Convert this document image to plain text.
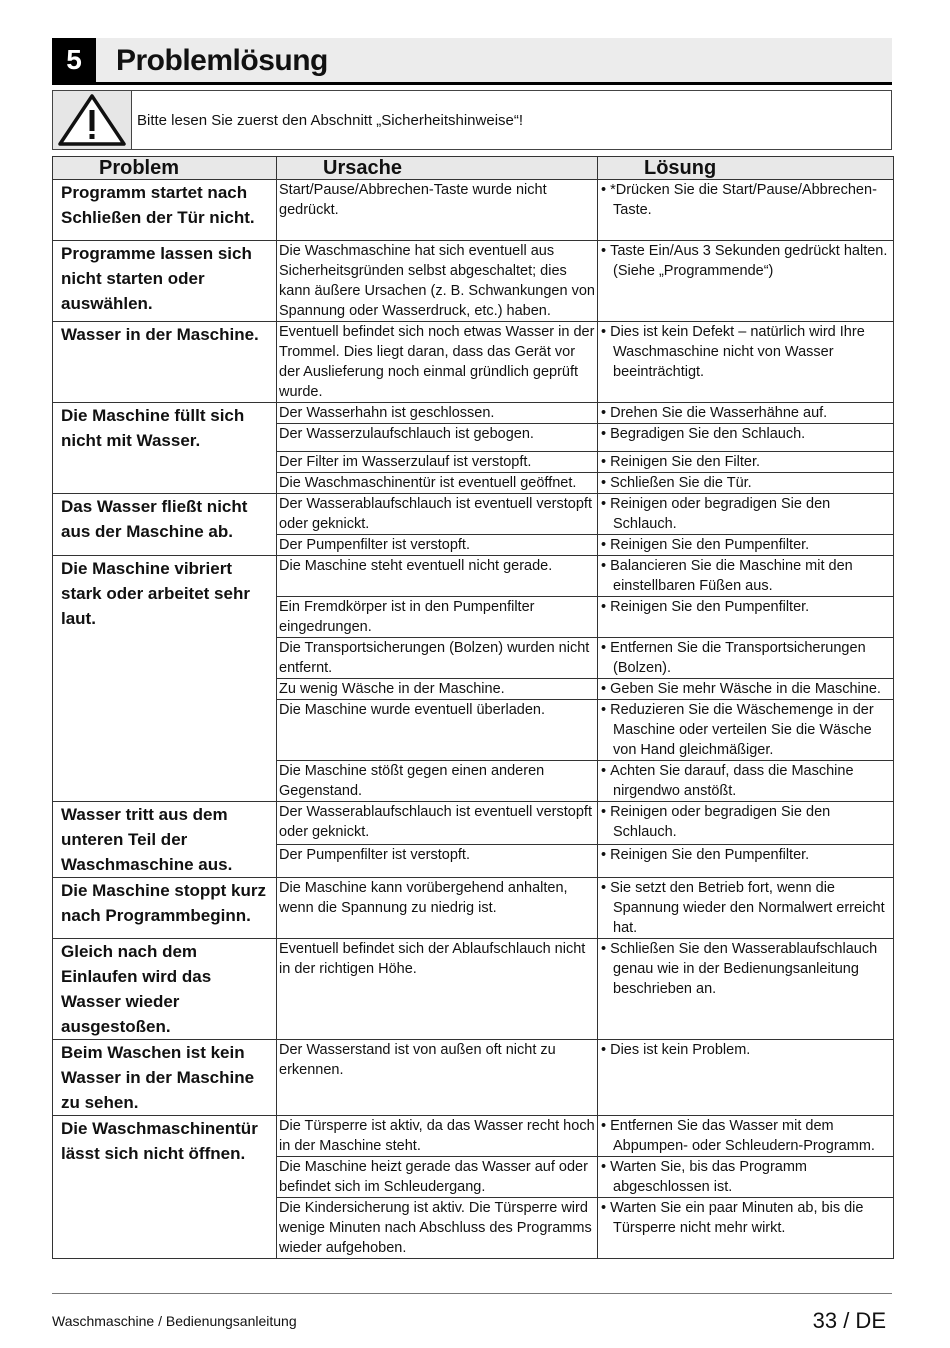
5	Problemlösung
Bitte lesen Sie zuerst den Abschnitt „Sicherheitshinweise“!
Problem	Ursache	Lösung
Programm startet nach Schließen der Tür nicht.	Start/Pause/Abbrechen-Taste wurde nicht gedrückt.	• *Drücken Sie die Start/Pause/Abbrechen-Taste.
Programme lassen sich nicht starten oder auswählen.	Die Waschmaschine hat sich eventuell aus Sicherheitsgründen selbst abgeschaltet; dies kann äußere Ursachen (z. B. Schwankungen von Spannung oder Wasserdruck, etc.) haben.	• Taste Ein/Aus 3 Sekunden gedrückt halten. (Siehe „Programmende“)
Wasser in der Maschine.	Eventuell befindet sich noch etwas Wasser in der Trommel. Dies liegt daran, dass das Gerät vor der Auslieferung noch einmal gründlich geprüft wurde.	• Dies ist kein Defekt – natürlich wird Ihre Waschmaschine nicht von Wasser beeinträchtigt.
Die Maschine füllt sich nicht mit Wasser.	Der Wasserhahn ist geschlossen.	• Drehen Sie die Wasserhähne auf.
	Der Wasserzulaufschlauch ist gebogen.	• Begradigen Sie den Schlauch.
	Der Filter im Wasserzulauf ist verstopft.	• Reinigen Sie den Filter.
	Die Waschmaschinentür ist eventuell geöffnet.	• Schließen Sie die Tür.
Das Wasser fließt nicht aus der Maschine ab.	Der Wasserablaufschlauch ist eventuell verstopft oder geknickt.	• Reinigen oder begradigen Sie den Schlauch.
	Der Pumpenfilter ist verstopft.	• Reinigen Sie den Pumpenfilter.
Die Maschine vibriert stark oder arbeitet sehr laut.	Die Maschine steht eventuell nicht gerade.	• Balancieren Sie die Maschine mit den einstellbaren Füßen aus.
	Ein Fremdkörper ist in den Pumpenfilter eingedrungen.	• Reinigen Sie den Pumpenfilter.
	Die Transportsicherungen (Bolzen) wurden nicht entfernt.	• Entfernen Sie die Transportsicherungen (Bolzen).
	Zu wenig Wäsche in der Maschine.	• Geben Sie mehr Wäsche in die Maschine.
	Die Maschine wurde eventuell überladen.	• Reduzieren Sie die Wäschemenge in der Maschine oder verteilen Sie die Wäsche von Hand gleichmäßiger.
	Die Maschine stößt gegen einen anderen Gegenstand.	• Achten Sie darauf, dass die Maschine nirgendwo anstößt.
Wasser tritt aus dem unteren Teil der Waschmaschine aus.	Der Wasserablaufschlauch ist eventuell verstopft oder geknickt.	• Reinigen oder begradigen Sie den Schlauch.
	Der Pumpenfilter ist verstopft.	• Reinigen Sie den Pumpenfilter.
Die Maschine stoppt kurz nach Programmbeginn.	Die Maschine kann vorübergehend anhalten, wenn die Spannung zu niedrig ist.	• Sie setzt den Betrieb fort, wenn die Spannung wieder den Normalwert erreicht hat.
Gleich nach dem Einlaufen wird das Wasser wieder ausgestoßen.	Eventuell befindet sich der Ablaufschlauch nicht in der richtigen Höhe.	• Schließen Sie den Wasserablaufschlauch genau wie in der Bedienungsanleitung beschrieben an.
Beim Waschen ist kein Wasser in der Maschine zu sehen.	Der Wasserstand ist von außen oft nicht zu erkennen.	• Dies ist kein Problem.
Die Waschmaschinentür lässt sich nicht öffnen.	Die Türsperre ist aktiv, da das Wasser recht hoch in der Maschine steht.	• Entfernen Sie das Wasser mit dem Abpumpen- oder Schleudern-Programm.
	Die Maschine heizt gerade das Wasser auf oder befindet sich im Schleudergang.	• Warten Sie, bis das Programm abgeschlossen ist.
	Die Kindersicherung ist aktiv. Die Türsperre wird wenige Minuten nach Abschluss des Programms wieder aufgehoben.	• Warten Sie ein paar Minuten ab, bis die Türsperre nicht mehr wirkt.
Waschmaschine / Bedienungsanleitung	33 / DE
